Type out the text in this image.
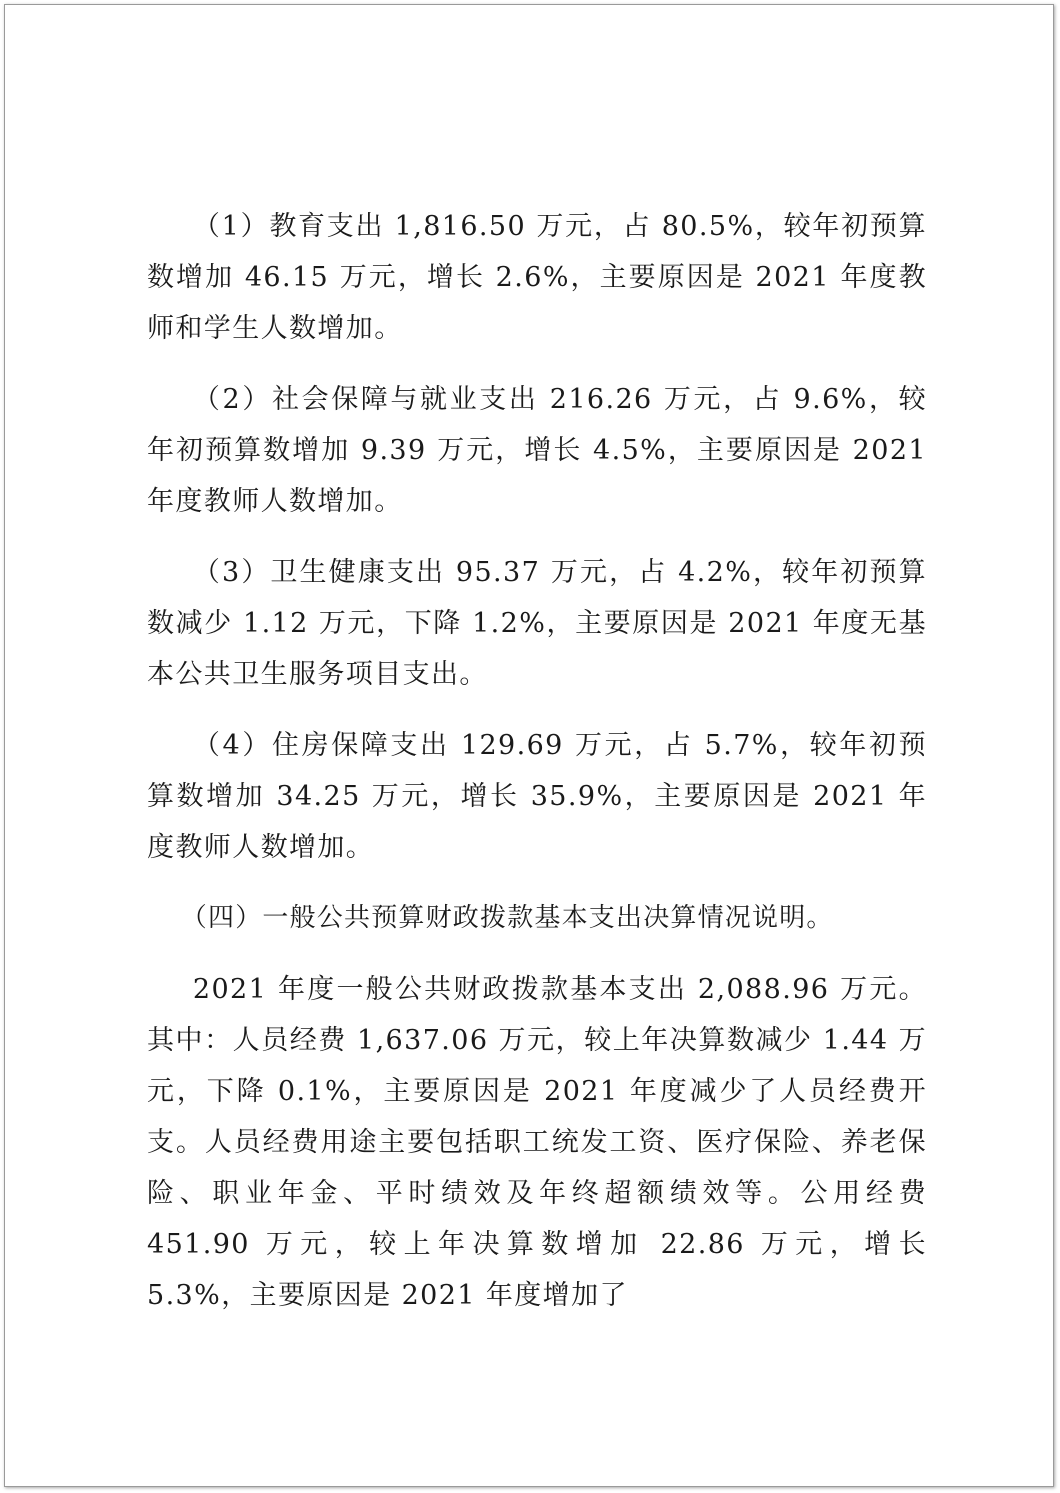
（1）教育支出 1,816.50 万元，占 80.5%，较年初预算数增加 46.15 万元，增长 2.6%，主要原因是 2021 年度教师和学生人数增加。

（2）社会保障与就业支出 216.26 万元，占 9.6%，较年初预算数增加 9.39 万元，增长 4.5%，主要原因是 2021 年度教师人数增加。

（3）卫生健康支出 95.37 万元，占 4.2%，较年初预算数减少 1.12 万元，下降 1.2%，主要原因是 2021 年度无基本公共卫生服务项目支出。

（4）住房保障支出 129.69 万元，占 5.7%，较年初预算数增加 34.25 万元，增长 35.9%，主要原因是 2021 年度教师人数增加。

（四）一般公共预算财政拨款基本支出决算情况说明。

2021 年度一般公共财政拨款基本支出 2,088.96 万元。其中：人员经费 1,637.06 万元，较上年决算数减少 1.44 万元，下降 0.1%，主要原因是 2021 年度减少了人员经费开支。人员经费用途主要包括职工统发工资、医疗保险、养老保险、职业年金、平时绩效及年终超额绩效等。公用经费 451.90 万元，较上年决算数增加 22.86 万元，增长 5.3%，主要原因是 2021 年度增加了
